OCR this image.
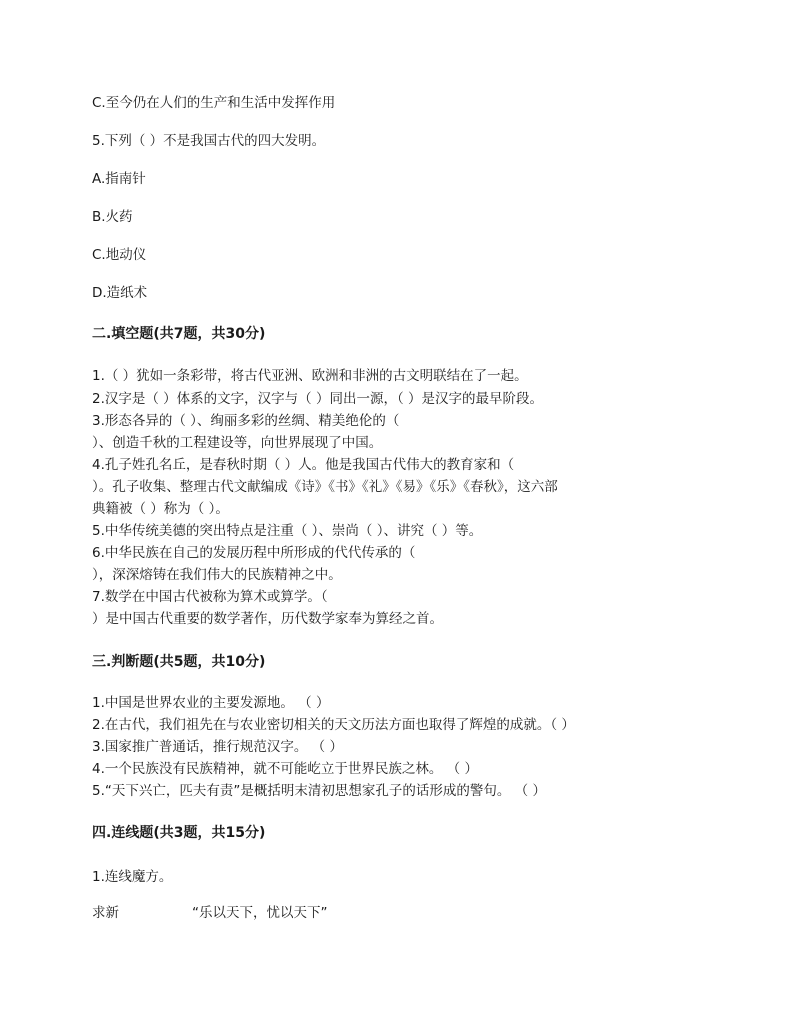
C.至今仍在人们的生产和生活中发挥作用
5.下列（ ）不是我国古代的四大发明。
A.指南针
B.火药
C.地动仪
D.造纸术
二.填空题(共7题，共30分)
1.（ ）犹如一条彩带，将古代亚洲、欧洲和非洲的古文明联结在了一起。
2.汉字是（ ）体系的文字，汉字与（ ）同出一源，（ ）是汉字的最早阶段。
3.形态各异的（ ）、绚丽多彩的丝绸、精美绝伦的（
）、创造千秋的工程建设等，向世界展现了中国。
4.孔子姓孔名丘，是春秋时期（ ）人。他是我国古代伟大的教育家和（
）。孔子收集、整理古代文献编成《诗》《书》《礼》《易》《乐》《春秋》，这六部
典籍被（ ）称为（ ）。
5.中华传统美德的突出特点是注重（ ）、崇尚（ ）、讲究（ ）等。
6.中华民族在自己的发展历程中所形成的代代传承的（
），深深熔铸在我们伟大的民族精神之中。
7.数学在中国古代被称为算术或算学。（
）是中国古代重要的数学著作，历代数学家奉为算经之首。
三.判断题(共5题，共10分)
1.中国是世界农业的主要发源地。 （ ）
2.在古代，我们祖先在与农业密切相关的天文历法方面也取得了辉煌的成就。（ ）
3.国家推广普通话，推行规范汉字。 （ ）
4.一个民族没有民族精神，就不可能屹立于世界民族之林。 （ ）
5.“天下兴亡，匹夫有责”是概括明末清初思想家孔子的话形成的警句。 （ ）
四.连线题(共3题，共15分)
1.连线魔方。
求新	“乐以天下，忧以天下”
